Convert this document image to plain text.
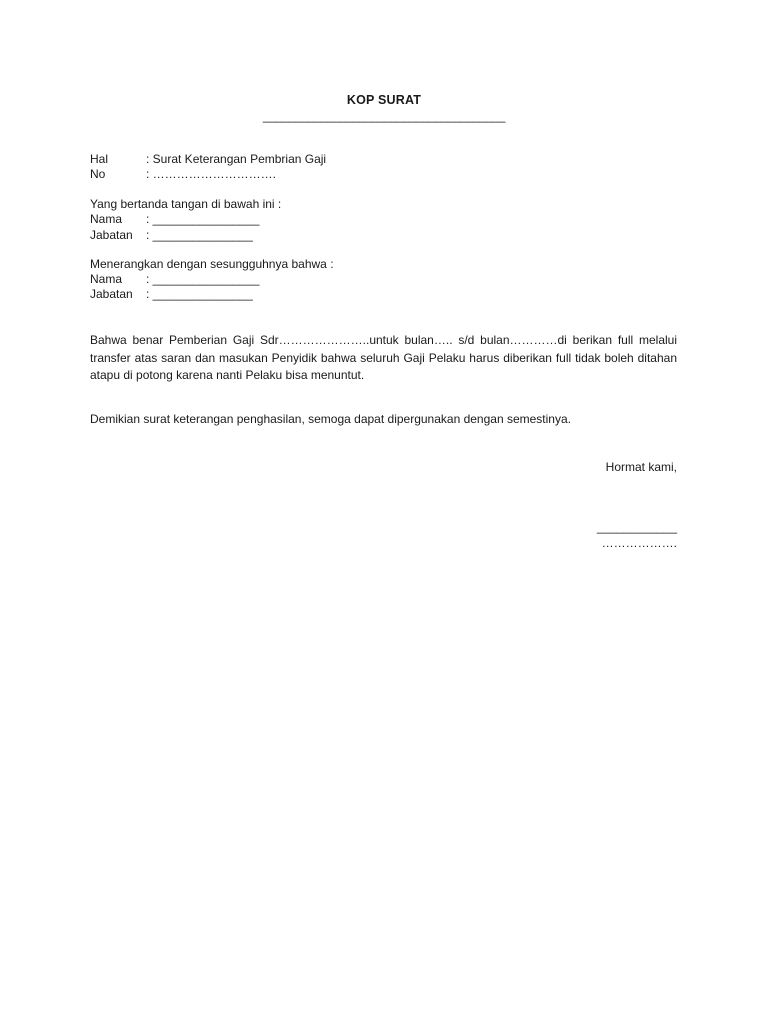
KOP SURAT
______________________________________
Hal	: Surat Keterangan Pembrian Gaji
No	: ………………………….
Yang bertanda tangan di bawah ini :
Nama : ________________
Jabatan : _______________
Menerangkan dengan sesungguhnya bahwa :
Nama : ________________
Jabatan : _______________
Bahwa benar Pemberian Gaji Sdr…………………..untuk bulan….. s/d bulan…………di berikan full melalui transfer atas saran dan masukan Penyidik bahwa seluruh Gaji Pelaku harus diberikan full tidak boleh ditahan atapu di potong karena nanti Pelaku bisa menuntut.
Demikian surat keterangan penghasilan, semoga dapat dipergunakan dengan semestinya.
Hormat kami,
____________
……………….
